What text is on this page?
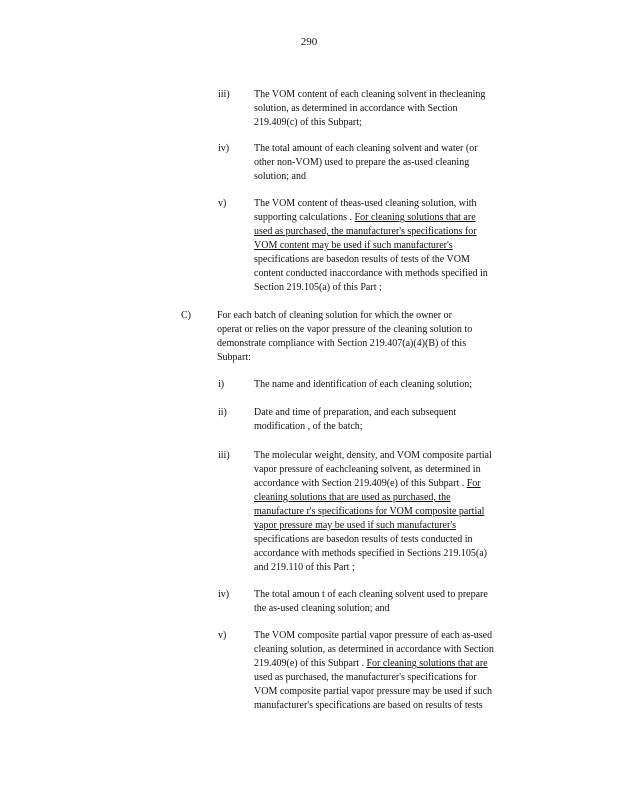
290
iii) The VOM content of each cleaning solvent in thecleaning
solution, as determined in accordance with Section
219.409(c) of this Subpart;
iv) The total amount of each cleaning solvent and water (or
other non-VOM) used to prepare the as-used cleaning
solution; and
v)	The VOM content of theas-used cleaning solution, with
supporting calculations . For cleaning solutions that are
used as purchased, the manufacturer's specifications for
VOM content may be used if such manufacturer's
specifications are basedon results of tests of the VOM
content conducted inaccordance with methods specified in
Section 219.105(a) of this Part ;
C)	For each batch of cleaning solution for which the owner or
operat or relies on the vapor pressure of the cleaning solution to
demonstrate compliance with Section 219.407(a)(4)(B) of this
Subpart:
i)	The name and identification of each cleaning solution;
ii)	Date and time of preparation, and each subsequent
modification , of the batch;
iii) The molecular weight, density, and VOM composite partial
vapor pressure of eachcleaning solvent, as determined in
accordance with Section 219.409(e) of this Subpart . For
cleaning solutions that are used as purchased, the
manufacture r's specifications for VOM composite partial
vapor pressure may be used if such manufacturer's
specifications are basedon results of tests conducted in
accordance with methods specified in Sections 219.105(a)
and 219.110 of this Part ;
iv) The total amoun t of each cleaning solvent used to prepare
the as-used cleaning solution; and
v)	The VOM composite partial vapor pressure of each as-used
cleaning solution, as determined in accordance with Section
219.409(e) of this Subpart . For cleaning solutions that are
used as purchased, the manufacturer's specifications for
VOM composite partial vapor pressure may be used if such
manufacturer's specifications are based on results of tests
